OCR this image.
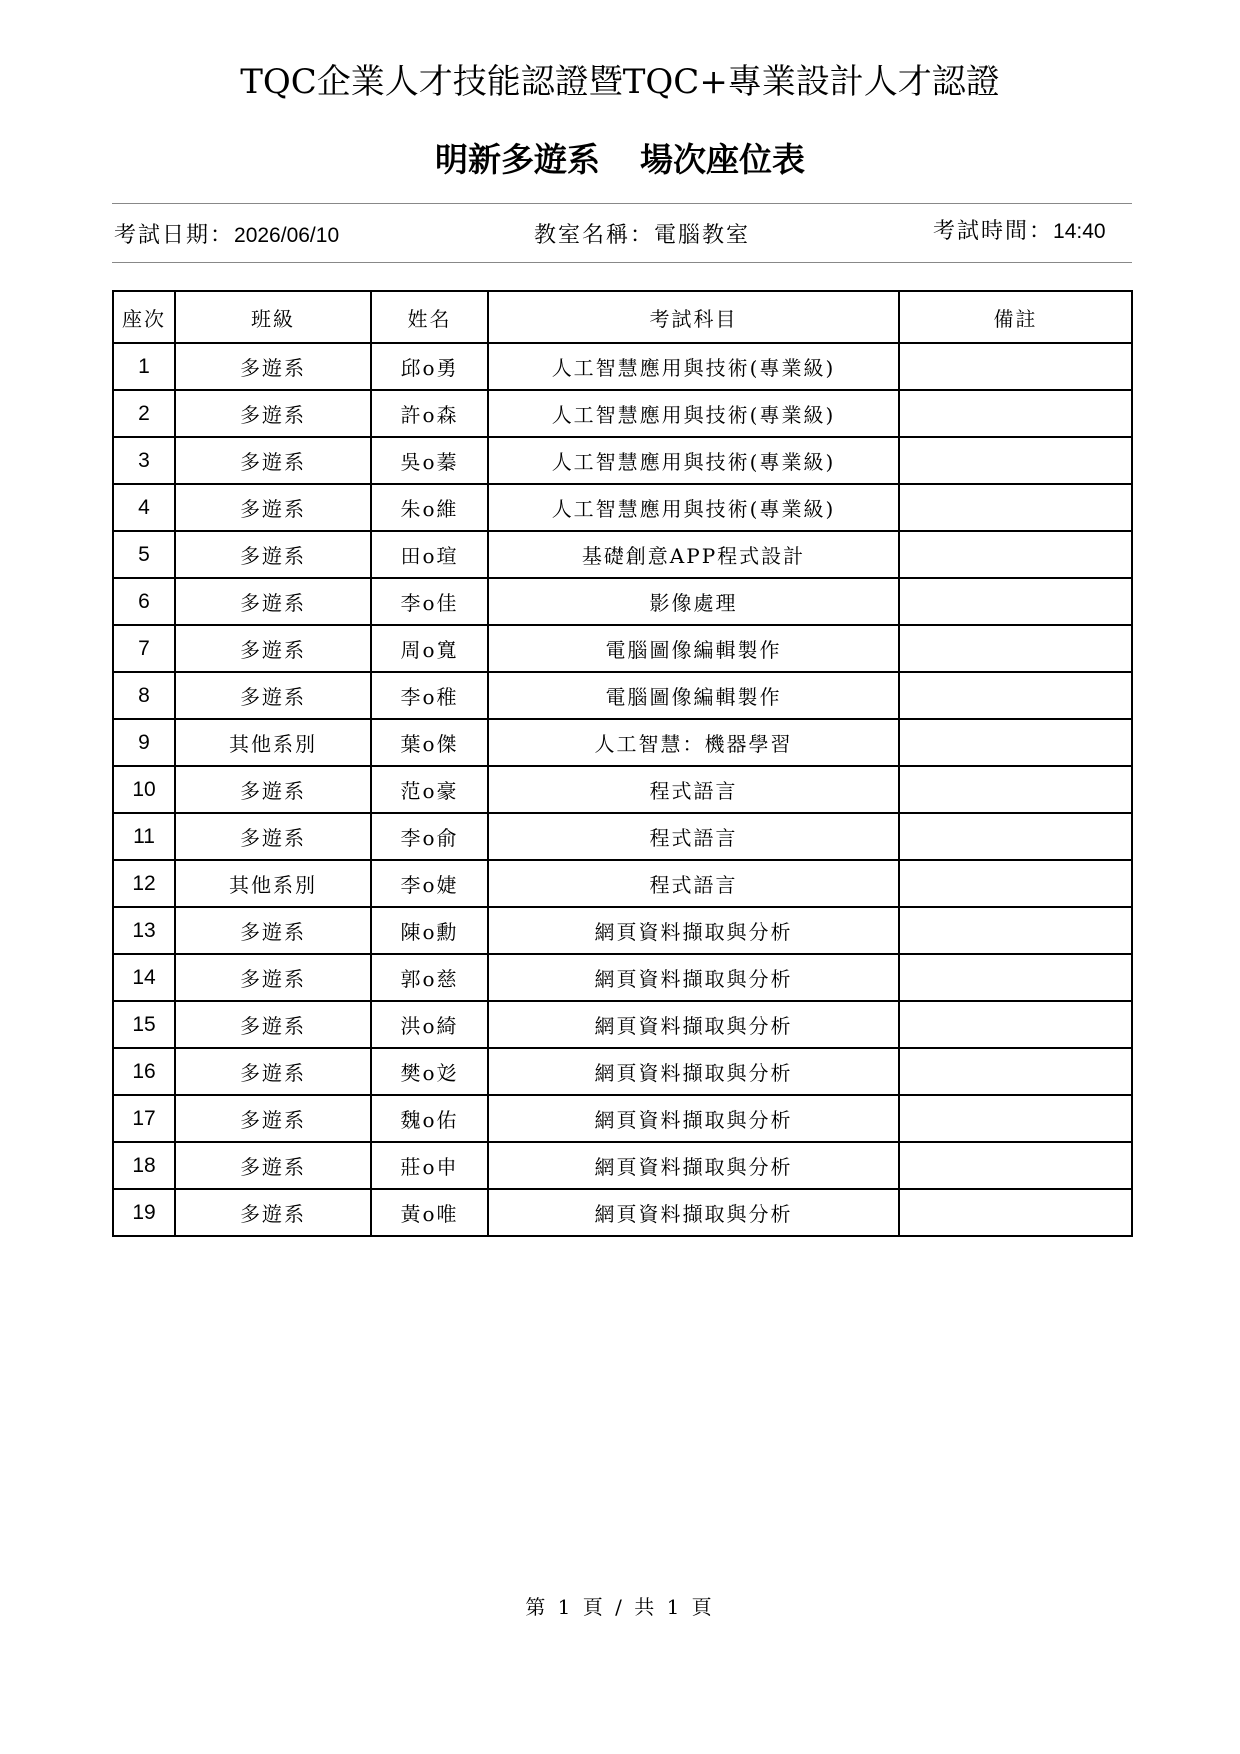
TQC企業人才技能認證暨TQC+專業設計人才認證
明新多遊系 場次座位表
考試日期：2026/06/10	教室名稱：電腦教室	考試時間：14:40
座次	班級	姓名	考試科目	備註
1	多遊系	邱o勇	人工智慧應用與技術(專業級)	
2	多遊系	許o森	人工智慧應用與技術(專業級)	
3	多遊系	吳o蓁	人工智慧應用與技術(專業級)	
4	多遊系	朱o維	人工智慧應用與技術(專業級)	
5	多遊系	田o瑄	基礎創意APP程式設計	
6	多遊系	李o佳	影像處理	
7	多遊系	周o寬	電腦圖像編輯製作	
8	多遊系	李o稚	電腦圖像編輯製作	
9	其他系別	葉o傑	人工智慧：機器學習	
10	多遊系	范o豪	程式語言	
11	多遊系	李o俞	程式語言	
12	其他系別	李o婕	程式語言	
13	多遊系	陳o勳	網頁資料擷取與分析	
14	多遊系	郭o慈	網頁資料擷取與分析	
15	多遊系	洪o綺	網頁資料擷取與分析	
16	多遊系	樊o彣	網頁資料擷取與分析	
17	多遊系	魏o佑	網頁資料擷取與分析	
18	多遊系	莊o申	網頁資料擷取與分析	
19	多遊系	黃o唯	網頁資料擷取與分析	
第 1 頁 / 共 1 頁
